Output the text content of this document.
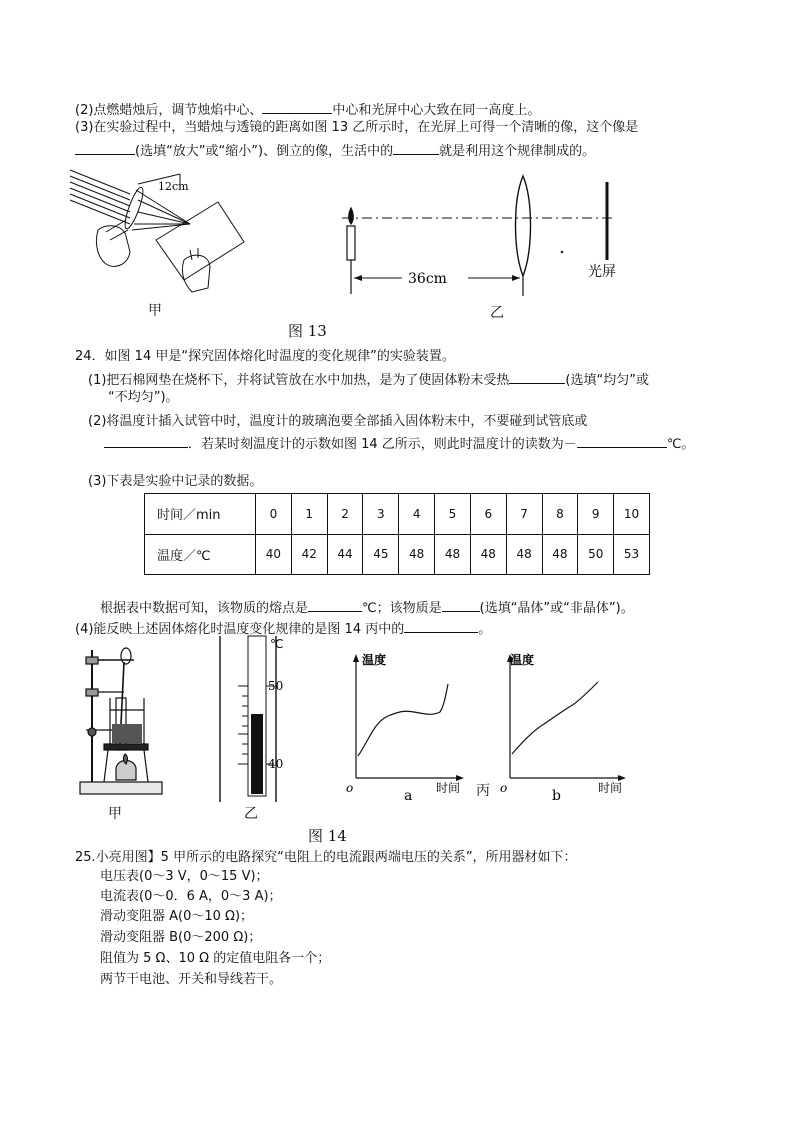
(2)点燃蜡烛后，调节烛焰中心、	中心和光屏中心大致在同一高度上。
(3)在实验过程中，当蜡烛与透镜的距离如图 13 乙所示时，在光屏上可得一个清晰的像，这个像是
(选填“放大”或“缩小”)、倒立的像，生活中的	就是利用这个规律制成的。
12cm
甲
36cm	光屏
乙
图 13
24．如图 14 甲是“探究固体熔化时温度的变化规律”的实验装置。
(1)把石棉网垫在烧杯下，并将试管放在水中加热，是为了使固体粉末受热	(选填“均匀”或
“不均匀”)。
(2)将温度计插入试管中时，温度计的玻璃泡要全部插入固体粉末中，不要碰到试管底或
．若某时刻温度计的示数如图 14 乙所示，则此时温度计的读数为－	℃。
(3)下表是实验中记录的数据。
时间／min	0	1	2	3	4	5	6	7	8	9	10
温度／℃	40	42	44	45	48	48	48	48	48	50	53
根据表中数据可知，该物质的熔点是	℃；该物质是	(选填“晶体”或“非晶体”)。
(4)能反映上述固体熔化时温度变化规律的是图 14 丙中的	。
甲
℃
50
40
乙
温度
o	时间
a
温度
o	时间
b
丙
图 14
25.小亮用图】5 甲所示的电路探究“电阻上的电流跟两端电压的关系”，所用器材如下：
电压表(0～3 V，0～15 V)；
电流表(0～0．6 A，0～3 A)；
滑动变阻器 A(0～10 Ω)；
滑动变阻器 B(0～200 Ω)；
阻值为 5 Ω、10 Ω 的定值电阻各一个；
两节干电池、开关和导线若干。
